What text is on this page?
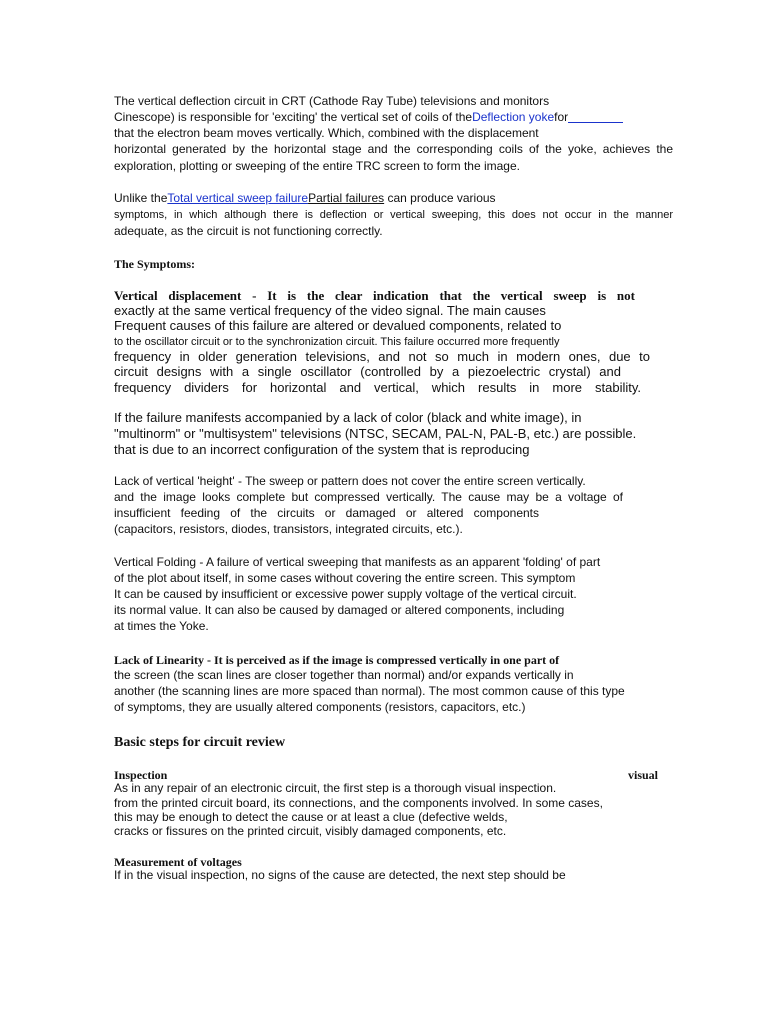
The vertical deflection circuit in CRT (Cathode Ray Tube) televisions and monitors
Cinescope) is responsible for 'exciting' the vertical set of coils of theDeflection yokefor
that the electron beam moves vertically. Which, combined with the displacement
horizontal generated by the horizontal stage and the corresponding coils of the yoke, achieves the
exploration, plotting or sweeping of the entire TRC screen to form the image.
Unlike theTotal vertical sweep failurePartial failures can produce various
symptoms, in which although there is deflection or vertical sweeping, this does not occur in the manner
adequate, as the circuit is not functioning correctly.
The Symptoms:
Vertical displacement - It is the clear indication that the vertical sweep is not
exactly at the same vertical frequency of the video signal. The main causes
Frequent causes of this failure are altered or devalued components, related to
to the oscillator circuit or to the synchronization circuit. This failure occurred more frequently
frequency in older generation televisions, and not so much in modern ones, due to
circuit designs with a single oscillator (controlled by a piezoelectric crystal) and
frequency dividers for horizontal and vertical, which results in more stability.
If the failure manifests accompanied by a lack of color (black and white image), in
"multinorm" or "multisystem" televisions (NTSC, SECAM, PAL-N, PAL-B, etc.) are possible.
that is due to an incorrect configuration of the system that is reproducing
Lack of vertical 'height' - The sweep or pattern does not cover the entire screen vertically.
and the image looks complete but compressed vertically. The cause may be a voltage of
insufficient feeding of the circuits or damaged or altered components
(capacitors, resistors, diodes, transistors, integrated circuits, etc.).
Vertical Folding - A failure of vertical sweeping that manifests as an apparent 'folding' of part
of the plot about itself, in some cases without covering the entire screen. This symptom
It can be caused by insufficient or excessive power supply voltage of the vertical circuit.
its normal value. It can also be caused by damaged or altered components, including
at times the Yoke.
Lack of Linearity - It is perceived as if the image is compressed vertically in one part of
the screen (the scan lines are closer together than normal) and/or expands vertically in
another (the scanning lines are more spaced than normal). The most common cause of this type
of symptoms, they are usually altered components (resistors, capacitors, etc.)
Basic steps for circuit review
Inspection	visual
As in any repair of an electronic circuit, the first step is a thorough visual inspection.
from the printed circuit board, its connections, and the components involved. In some cases,
this may be enough to detect the cause or at least a clue (defective welds,
cracks or fissures on the printed circuit, visibly damaged components, etc.
Measurement of voltages
If in the visual inspection, no signs of the cause are detected, the next step should be
